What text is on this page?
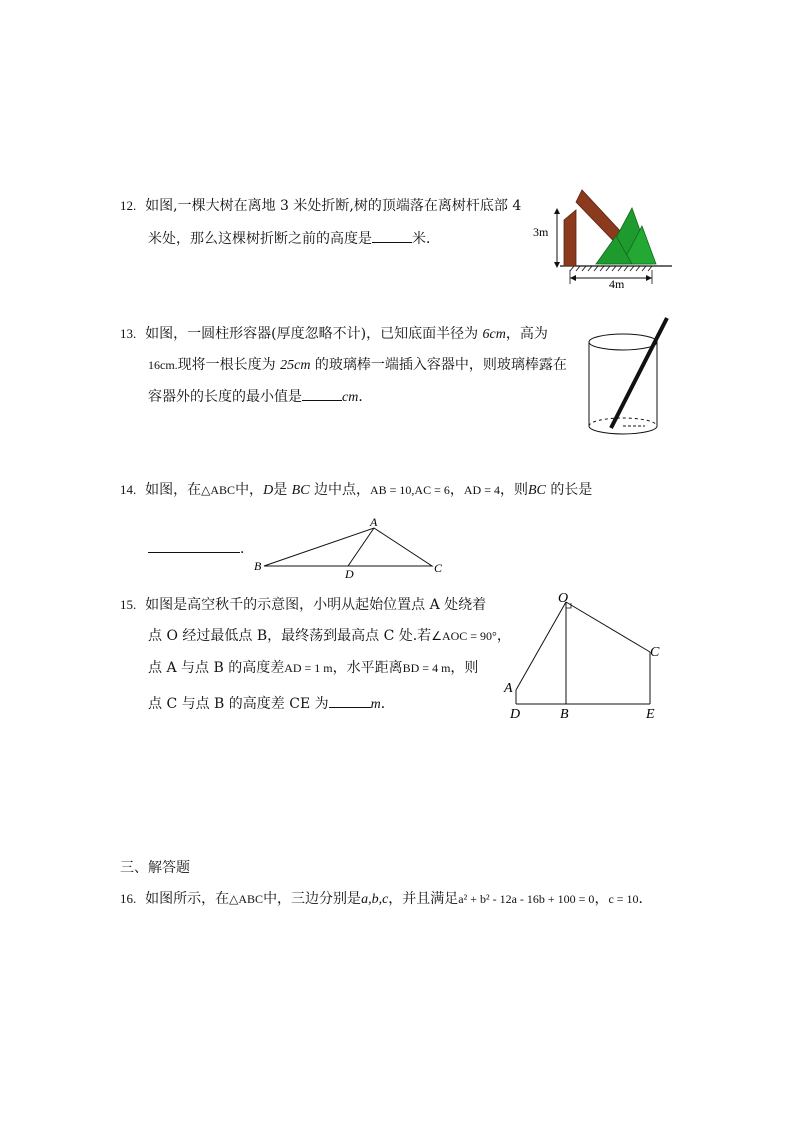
12. 如图,一棵大树在离地 3 米处折断,树的顶端落在离树杆底部 4
米处，那么这棵树折断之前的高度是	米．	3m
4m
13. 如图，一圆柱形容器(厚度忽略不计)，已知底面半径为 6cm，高为
16cm.现将一根长度为 25cm 的玻璃棒一端插入容器中，则玻璃棒露在
容器外的长度的最小值是	cm．
14. 如图，在△ABC中，D是 BC 边中点，AB = 10,AC = 6，AD = 4，则BC 的长是
．
A
B	C
D
15. 如图是高空秋千的示意图，小明从起始位置点 A 处绕着
点 O 经过最低点 B，最终荡到最高点 C 处.若∠AOC = 90°，
点 A 与点 B 的高度差AD = 1 m，水平距离BD = 4 m，则
点 C 与点 B 的高度差 CE 为	m．
O
A
D	B
C
E
三、解答题
16. 如图所示，在△ABC中，三边分别是a,b,c，并且满足a² + b² - 12a - 16b + 100 = 0，c = 10．
